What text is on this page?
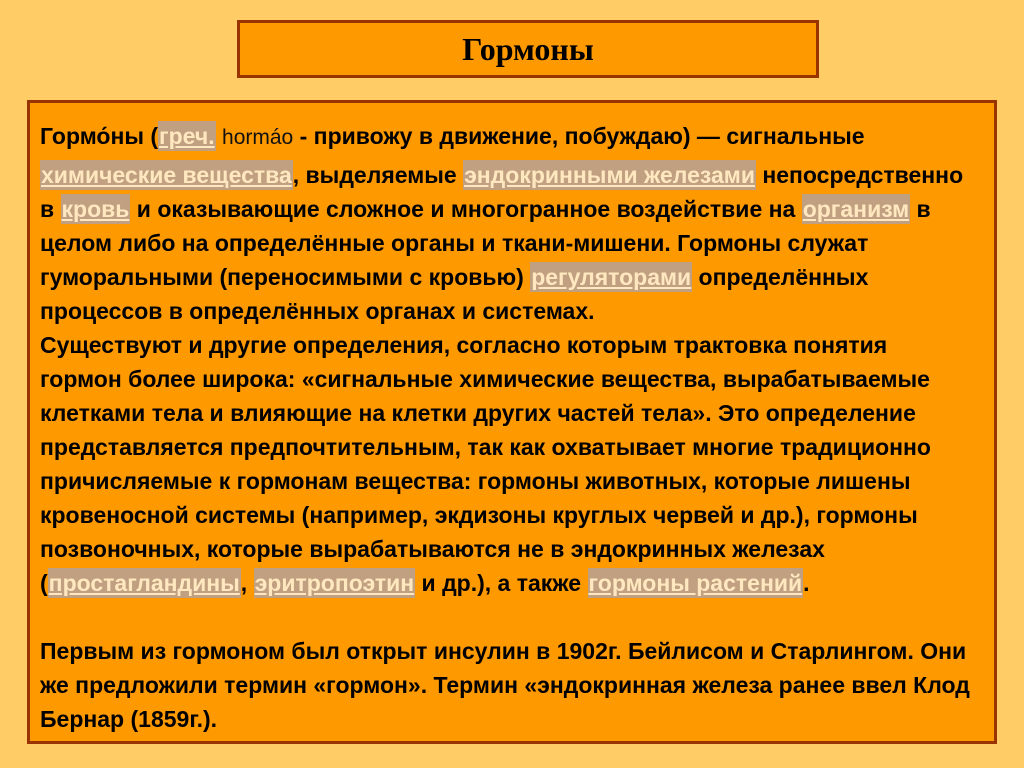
Гормоны
Гормо́ны (греч. hormáo - привожу в движение, побуждаю) — сигнальные
химические вещества, выделяемые эндокринными железами непосредственно
в кровь и оказывающие сложное и многогранное воздействие на организм в
целом либо на определённые органы и ткани-мишени. Гормоны служат
гуморальными (переносимыми с кровью) регуляторами определённых
процессов в определённых органах и системах.
Существуют и другие определения, согласно которым трактовка понятия
гормон более широка: «сигнальные химические вещества, вырабатываемые
клетками тела и влияющие на клетки других частей тела». Это определение
представляется предпочтительным, так как охватывает многие традиционно
причисляемые к гормонам вещества: гормоны животных, которые лишены
кровеносной системы (например, экдизоны круглых червей и др.), гормоны
позвоночных, которые вырабатываются не в эндокринных железах
(простагландины, эритропоэтин и др.), а также гормоны растений.
Первым из гормоном был открыт инсулин в 1902г. Бейлисом и Старлингом. Они
же предложили термин «гормон». Термин «эндокринная железа ранее ввел Клод
Бернар (1859г.).
